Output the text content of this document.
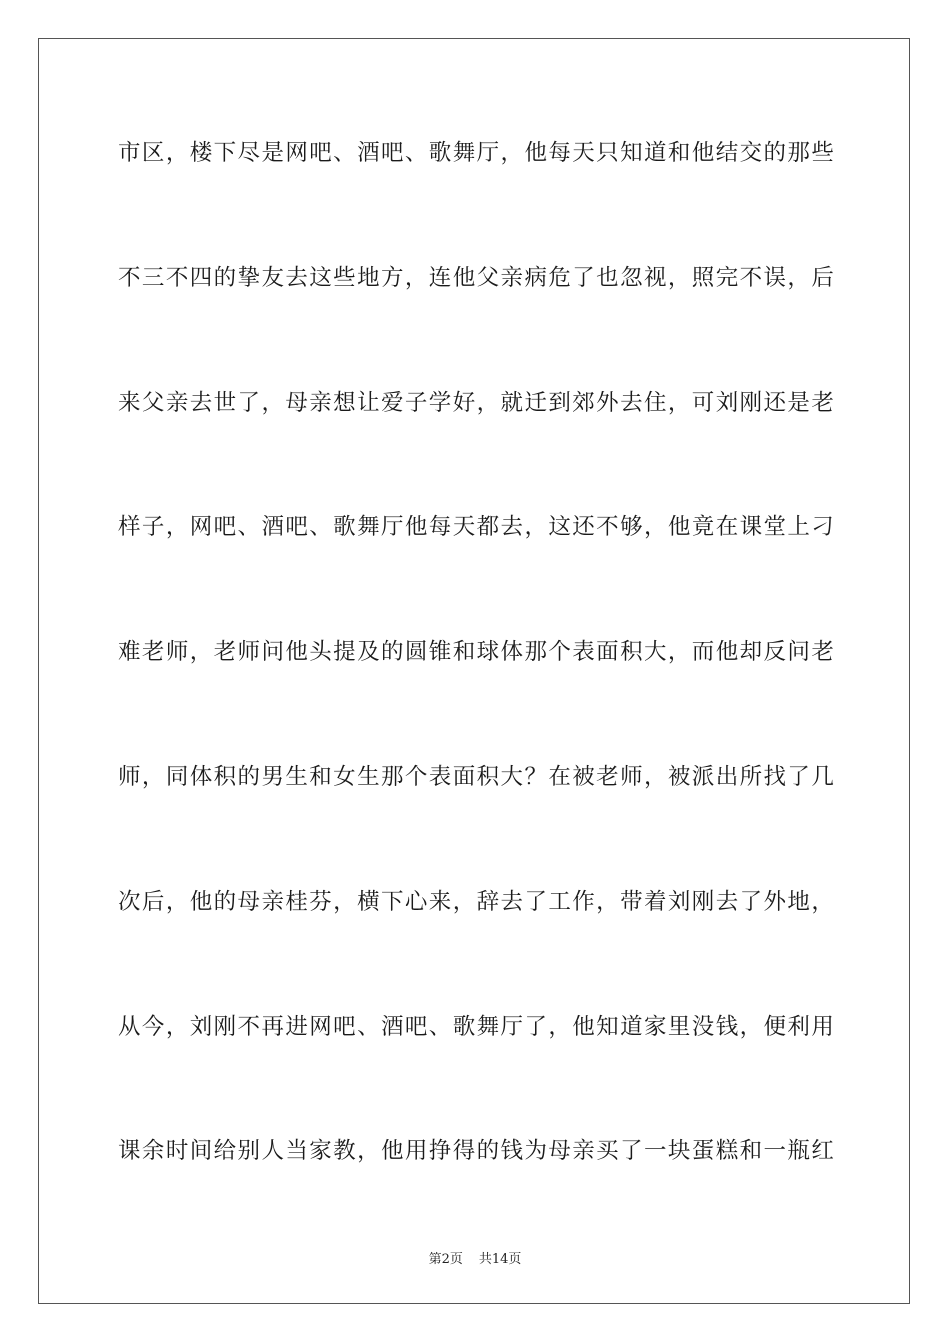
市区，楼下尽是网吧、酒吧、歌舞厅，他每天只知道和他结交的那些
不三不四的挚友去这些地方，连他父亲病危了也忽视，照完不误，后
来父亲去世了，母亲想让爱子学好，就迁到郊外去住，可刘刚还是老
样子，网吧、酒吧、歌舞厅他每天都去，这还不够，他竟在课堂上刁
难老师，老师问他头提及的圆锥和球体那个表面积大，而他却反问老
师，同体积的男生和女生那个表面积大？在被老师，被派出所找了几
次后，他的母亲桂芬，横下心来，辞去了工作，带着刘刚去了外地，
从今，刘刚不再进网吧、酒吧、歌舞厅了，他知道家里没钱，便利用
课余时间给别人当家教，他用挣得的钱为母亲买了一块蛋糕和一瓶红
第2页 共14页
